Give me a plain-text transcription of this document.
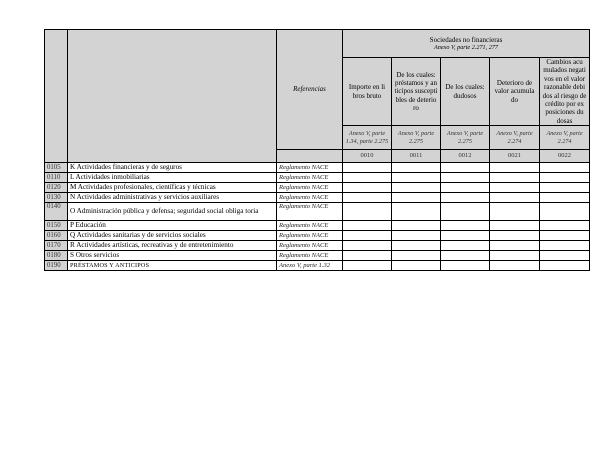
		Referencias	Sociedades no financieras
Anexo V, parte 2.271, 277				

			Importe en li bros bruto	De los cuales: préstamos y an ticipos suscepti bles de deterio ro	De los cuales: dudosos	Deterioro de valor acumula do	Cambios acu mulados negati vos en el valor razonable debi dos al riesgo de crédito por ex posiciones du dosas
			Anexo V, parte 1.34, parte 2.275	Anexo V, parte 2.275	Anexo V, parte 2.275	Anexo V, parte 2.274	Anexo V, parte 2.274
			0010	0011	0012	0021	0022
0105	K Actividades financieras y de seguros	Reglamento NACE					
0110	L Actividades inmobiliarias	Reglamento NACE					
0120	M Actividades profesionales, científicas y técnicas	Reglamento NACE					
0130	N Actividades administrativas y servicios auxiliares	Reglamento NACE					
0140	O Administración pública y defensa; seguridad social obliga toria	Reglamento NACE					
0150	P Educación	Reglamento NACE					
0160	Q Actividades sanitarias y de servicios sociales	Reglamento NACE					
0170	R Actividades artísticas, recreativas y de entretenimiento	Reglamento NACE					
0180	S Otros servicios	Reglamento NACE					
0190	PRÉSTAMOS Y ANTICIPOS	Anexo V, parte 1.32					
